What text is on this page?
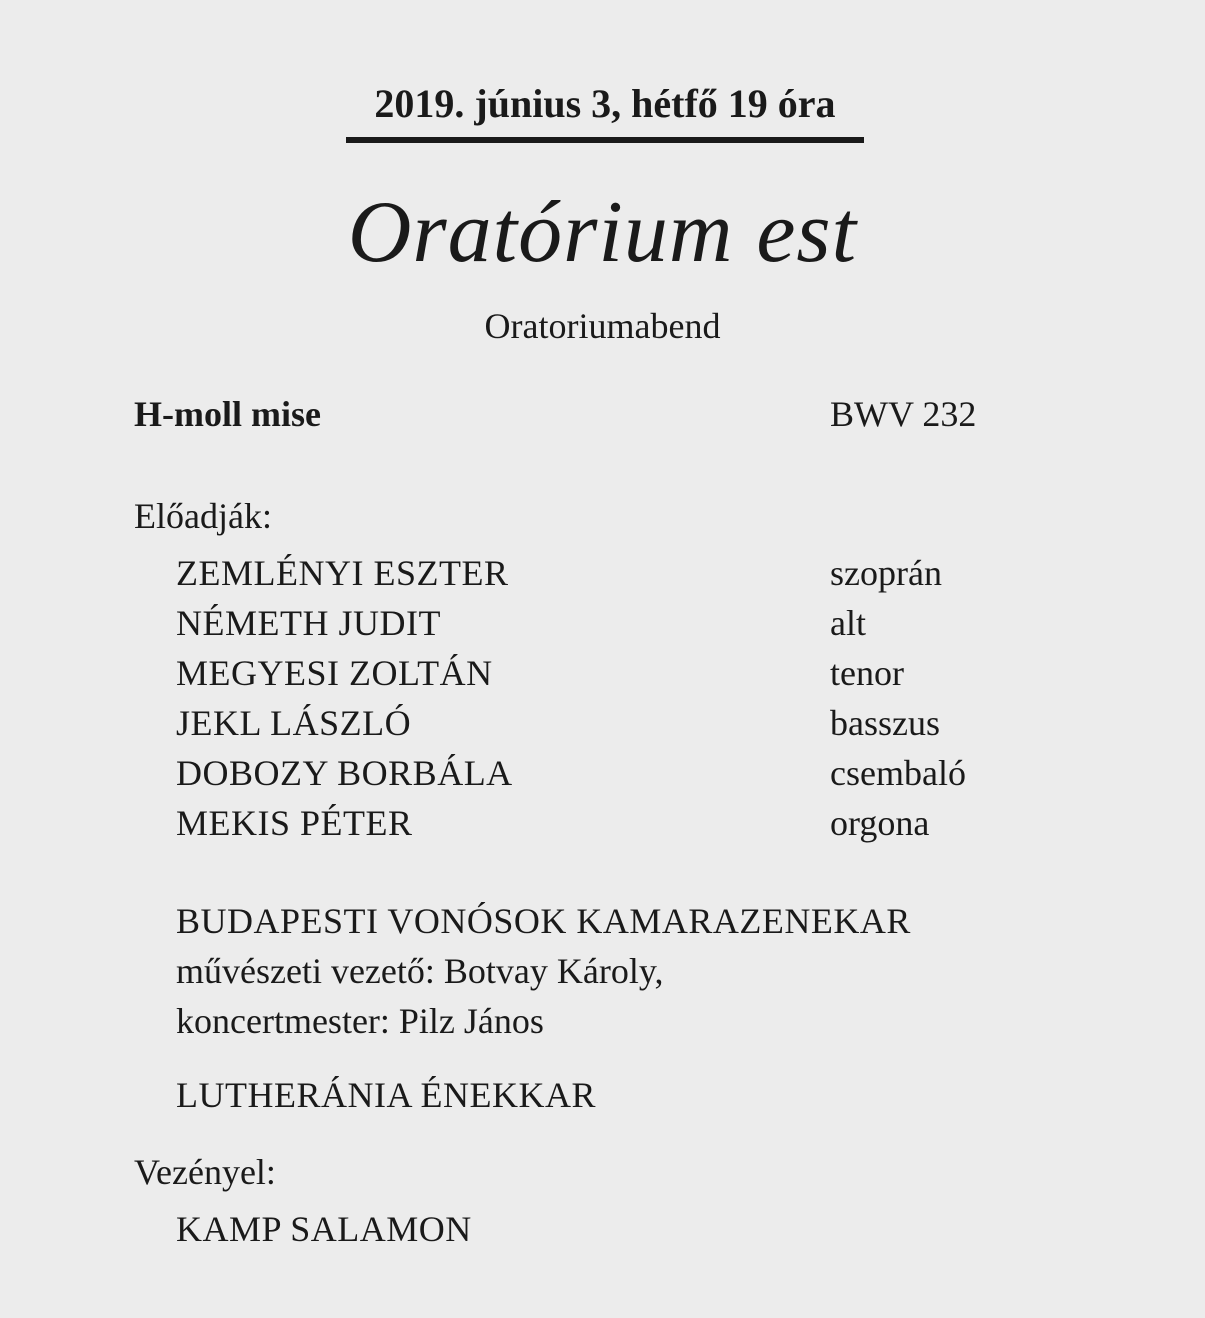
2019. június 3, hétfő 19 óra
Oratórium est
Oratoriumabend
H-moll mise	BWV 232
Előadják:
ZEMLÉNYI ESZTER	szoprán
NÉMETH JUDIT	alt
MEGYESI ZOLTÁN	tenor
JEKL LÁSZLÓ	basszus
DOBOZY BORBÁLA	csembaló
MEKIS PÉTER	orgona
BUDAPESTI VONÓSOK KAMARAZENEKAR
művészeti vezető: Botvay Károly,
koncertmester: Pilz János
LUTHERÁNIA ÉNEKKAR
Vezényel:
KAMP SALAMON
